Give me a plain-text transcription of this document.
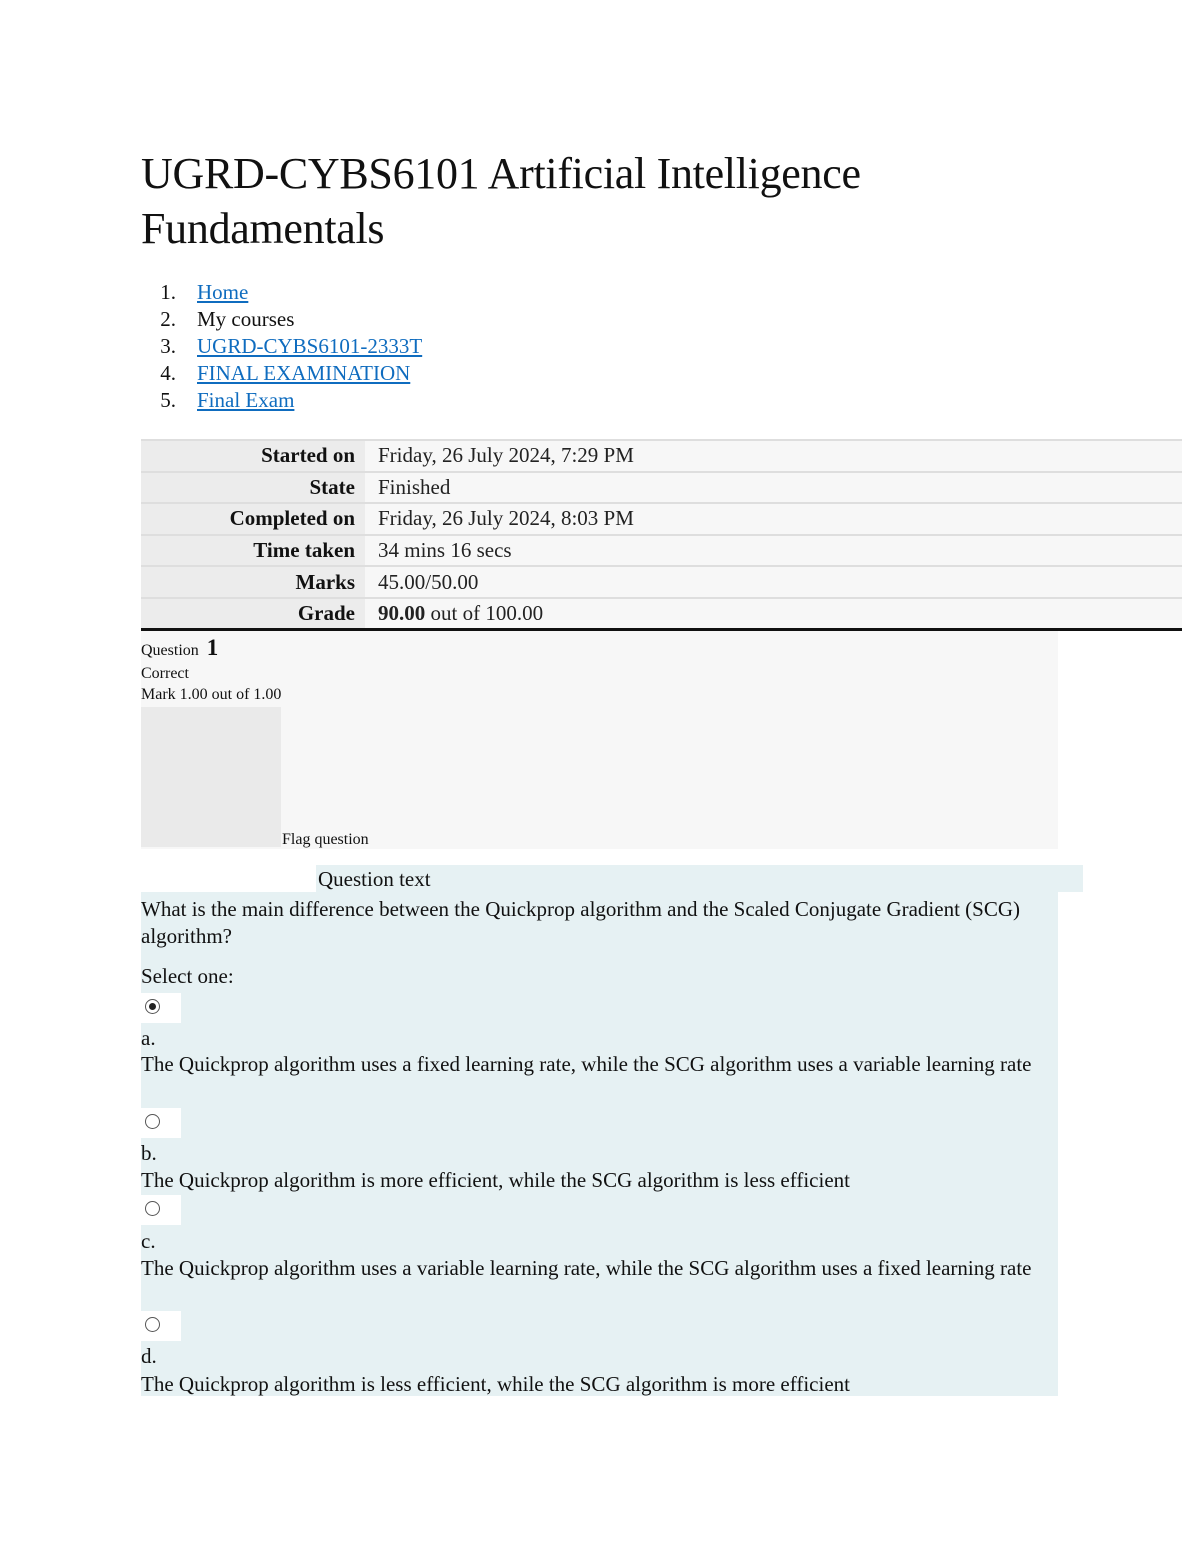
UGRD-CYBS6101 Artificial Intelligence Fundamentals
1. Home
2. My courses
3. UGRD-CYBS6101-2333T
4. FINAL EXAMINATION
5. Final Exam
Started on	Friday, 26 July 2024, 7:29 PM
State	Finished
Completed on	Friday, 26 July 2024, 8:03 PM
Time taken	34 mins 16 secs
Marks	45.00/50.00
Grade	90.00 out of 100.00
Question 1
Correct
Mark 1.00 out of 1.00
Flag question
Question text
What is the main difference between the Quickprop algorithm and the Scaled Conjugate Gradient (SCG) algorithm?
Select one:
a.
The Quickprop algorithm uses a fixed learning rate, while the SCG algorithm uses a variable learning rate
b.
The Quickprop algorithm is more efficient, while the SCG algorithm is less efficient
c.
The Quickprop algorithm uses a variable learning rate, while the SCG algorithm uses a fixed learning rate
d.
The Quickprop algorithm is less efficient, while the SCG algorithm is more efficient
